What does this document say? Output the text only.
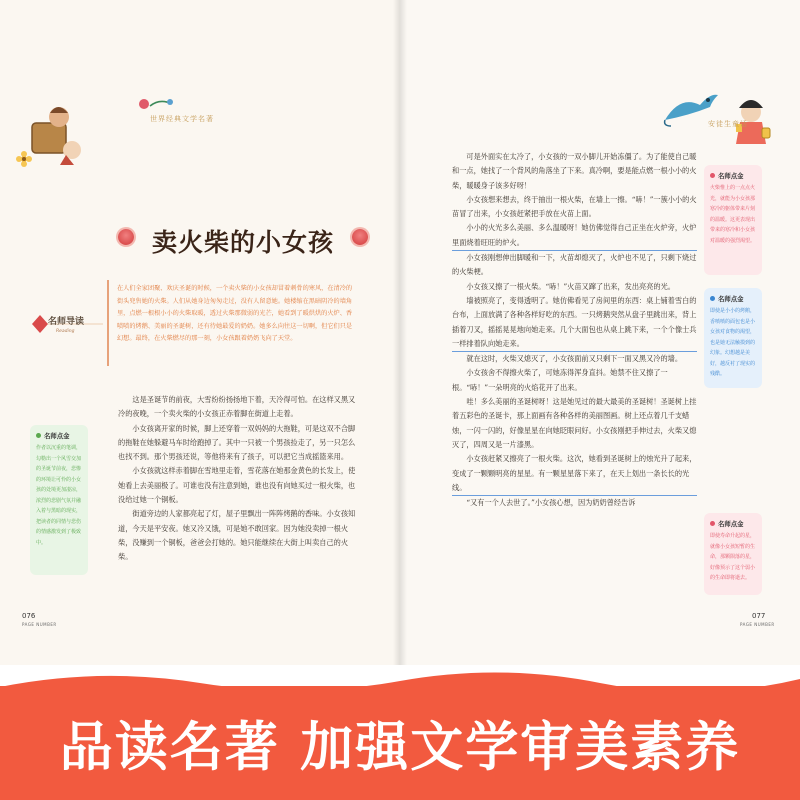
世界经典文学名著
安徒生童话
卖火柴的小女孩
名师导读
Reading
在人们全家团聚、欢庆圣诞的时候，一个卖火柴的小女孩却冒着刺骨的寒风，在清冷的街头兜售她的火柴。人们从她身边匆匆走过，没有人留意她。她楼缩在黑暗阴冷的墙角里，点燃一根根小小的火柴取暖，透过火柴那微弱的光芒，她看到了暖烘烘的火炉、香喷喷的烤鹅、美丽的圣诞树，还有待她最爱的奶奶。她多么向往这一切啊，但它们只是幻想。最终，在火柴燃尽的那一刻，小女孩跟着奶奶飞向了天堂。

这是圣诞节的前夜，大雪纷纷扬扬地下着，天冷得可怕。在这样又黑又冷的夜晚，一个卖火柴的小女孩正赤着脚在街道上走着。

小女孩离开家的时候，脚上还穿着一双妈妈的大拖鞋，可是这双不合脚的拖鞋在她躲避马车时给跑掉了。其中一只被一个男孩捡走了，另一只怎么也找不到。那个男孩还说，等他将来有了孩子，可以把它当成摇篮来用。

小女孩就这样赤着脚在雪地里走着，雪花落在她那金黄色的长发上，使她看上去美丽极了。可谁也没有注意到她，谁也没有向她买过一根火柴，也没给过她一个铜板。

街道旁边的人家都亮起了灯，屋子里飘出一阵阵烤鹅的香味。小女孩知道，今天是平安夜。她又冷又饿，可是她不敢回家。因为她没卖掉一根火柴，没赚到一个铜板，爸爸会打她的。她只能继续在大街上叫卖自己的火柴。

名师点金
作者以沉重的笔调，勾勒出一个风雪交加的圣诞节前夜，悲惨的环境让可怜的小女孩的处境更加凄凉，浓烈的悲剧气氛并融入着与黑暗的现实，把读者的同情与悲伤的情感激发到了极致中。

可是外面实在太冷了，小女孩的一双小脚儿开始冻僵了。为了能使自己暖和一点，她找了一个背风的角落坐了下来。真冷啊，要是能点燃一根小小的火柴，暖暖身子该多好呀！

小女孩想来想去，终于抽出一根火柴，在墙上一擦。“哧！”一簇小小的火苗冒了出来，小女孩赶紧把手放在火苗上面。

小小的火光多么美丽、多么温暖呀！她仿佛觉得自己正坐在火炉旁，火炉里面烧着旺旺的炉火。

小女孩刚想伸出脚暖和一下，火苗却熄灭了，火炉也不见了，只剩下烧过的火柴梗。

小女孩又擦了一根火柴。“哧！”火苗又蹿了出来，发出亮亮的光。

墙被照亮了，变得透明了。她仿佛看见了房间里的东西：桌上铺着雪白的台布，上面放满了各种各样好吃的东西。一只烤鹅突然从盘子里跳出来，背上插着刀叉，摇摇晃晃地向她走来。几个大面包也从桌上跳下来，一个个像士兵一样排着队向她走来。

就在这时，火柴又熄灭了，小女孩面前又只剩下一面又黑又冷的墙。

小女孩舍不得擦火柴了，可她冻得浑身直抖。她禁不住又擦了一根。“哧！”一朵明亮的火焰花开了出来。

哇！多么美丽的圣诞树呀！这是她见过的最大最美的圣诞树！圣诞树上挂着五彩色的圣诞卡，那上面画有各种各样的美丽图画。树上还点着几千支蜡烛，一闪一闪的，好像星星在向她眨眼问好。小女孩刚把手伸过去，火柴又熄灭了，四周又是一片漆黑。

小女孩赶紧又擦亮了一根火柴。这次，她看到圣诞树上的烛光升了起来，变成了一颗颗明亮的星星。有一颗星星落下来了，在天上划出一条长长的光线。

“又有一个人去世了。”小女孩心想，因为奶奶曾经告诉

名师点金
火柴惟上的一点点火光，就能为小女孩那寒冷的躯体带来片刻的温暖。这更表现出带来的寒冷和小女孩对温暖的强烈渴望。
名师点金
即使是小小的烤鹅，香喷喷的面包也是小女孩对食物的渴望，也是她无法触摸到的幻象。幻想越是美好，越反衬了现实的残酷。
名师点金
即使寿命升起的星，就像小女孩短暂的生命，那颗陨落的星，好像预示了这个弱小的生命即将逝去。
076
PAGE NUMBER
077
PAGE NUMBER
品读名著 加强文学审美素养
